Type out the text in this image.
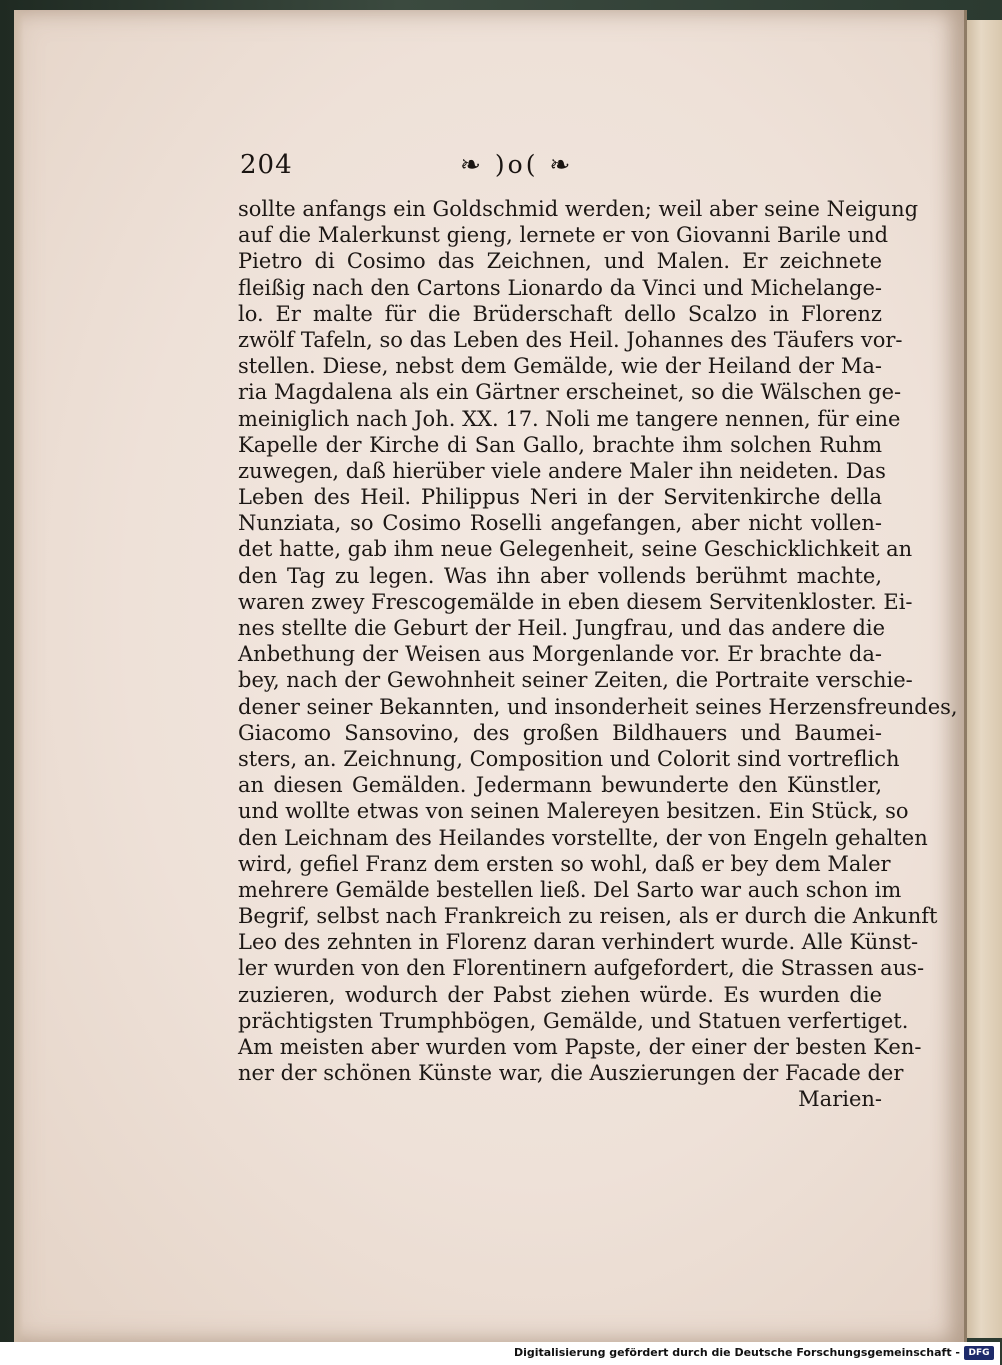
204	❧ )o( ❧
sollte anfangs ein Goldschmid werden; weil aber seine Neigung
auf die Malerkunst gieng, lernete er von Giovanni Barile und
Pietro di Cosimo das Zeichnen, und Malen. Er zeichnete
fleißig nach den Cartons Lionardo da Vinci und Michelange-
lo. Er malte für die Brüderschaft dello Scalzo in Florenz
zwölf Tafeln, so das Leben des Heil. Johannes des Täufers vor-
stellen. Diese, nebst dem Gemälde, wie der Heiland der Ma-
ria Magdalena als ein Gärtner erscheinet, so die Wälschen ge-
meiniglich nach Joh. XX. 17. Noli me tangere nennen, für eine
Kapelle der Kirche di San Gallo, brachte ihm solchen Ruhm
zuwegen, daß hierüber viele andere Maler ihn neideten. Das
Leben des Heil. Philippus Neri in der Servitenkirche della
Nunziata, so Cosimo Roselli angefangen, aber nicht vollen-
det hatte, gab ihm neue Gelegenheit, seine Geschicklichkeit an
den Tag zu legen. Was ihn aber vollends berühmt machte,
waren zwey Frescogemälde in eben diesem Servitenkloster. Ei-
nes stellte die Geburt der Heil. Jungfrau, und das andere die
Anbethung der Weisen aus Morgenlande vor. Er brachte da-
bey, nach der Gewohnheit seiner Zeiten, die Portraite verschie-
dener seiner Bekannten, und insonderheit seines Herzensfreundes,
Giacomo Sansovino, des großen Bildhauers und Baumei-
sters, an. Zeichnung, Composition und Colorit sind vortreflich
an diesen Gemälden. Jedermann bewunderte den Künstler,
und wollte etwas von seinen Malereyen besitzen. Ein Stück, so
den Leichnam des Heilandes vorstellte, der von Engeln gehalten
wird, gefiel Franz dem ersten so wohl, daß er bey dem Maler
mehrere Gemälde bestellen ließ. Del Sarto war auch schon im
Begrif, selbst nach Frankreich zu reisen, als er durch die Ankunft
Leo des zehnten in Florenz daran verhindert wurde. Alle Künst-
ler wurden von den Florentinern aufgefordert, die Strassen aus-
zuzieren, wodurch der Pabst ziehen würde. Es wurden die
prächtigsten Trumphbögen, Gemälde, und Statuen verfertiget.
Am meisten aber wurden vom Papste, der einer der besten Ken-
ner der schönen Künste war, die Auszierungen der Facade der
Marien-
Digitalisierung gefördert durch die Deutsche Forschungsgemeinschaft - DFG
